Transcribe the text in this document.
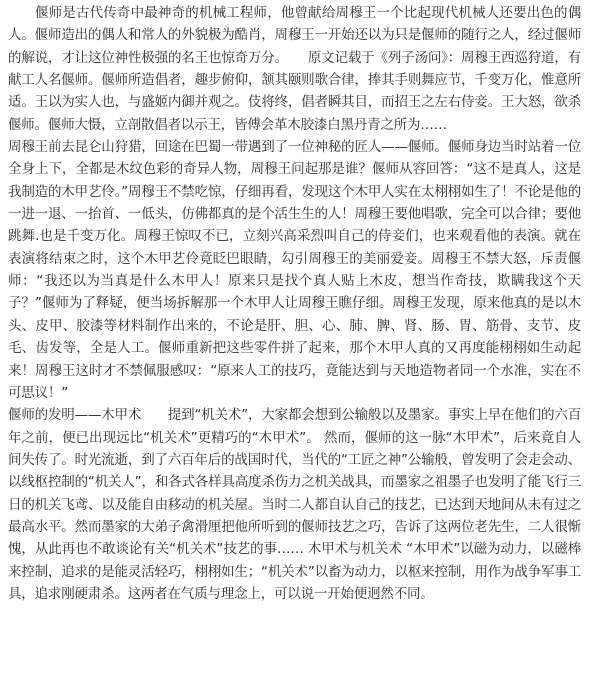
偃师是古代传奇中最神奇的机械工程师，他曾献给周穆王一个比起现代机械人还要出色的偶人。偃师造出的偶人和常人的外貌极为酷肖，周穆王一开始还以为只是偃师的随行之人，经过偃师的解说，才让这位神性极强的名王也惊奇万分。　　原文记载于《列子汤问》：周穆王西巡狩道，有献工人名偃师。偃师所造倡者，趣步俯仰，颔其颐则歌合律，捧其手则舞应节，千变万化，惟意所适。王以为实人也，与盛姬内御并观之。伎将终，倡者瞬其目，而招王之左右侍妾。王大怒，欲杀偃师。偃师大慑，立剖散倡者以示王，皆傅会革木胶漆白黑丹青之所为……

周穆王前去昆仑山狩猎，回途在巴蜀一带遇到了一位神秘的匠人——偃师。偃师身边当时站着一位全身上下，全都是木纹色彩的奇异人物，周穆王问起那是谁？偃师从容回答：“这不是真人，这是我制造的木甲艺伶。”周穆王不禁吃惊，仔细再看，发现这个木甲人实在太栩栩如生了！不论是他的一进一退、一抬首、一低头，仿佛都真的是个活生生的人！周穆王要他唱歌，完全可以合律；要他跳舞.也是千变万化。周穆王惊叹不已，立刻兴高采烈叫自己的侍妾们，也来观看他的表演。就在表演将结束之时，这个木甲艺伶竟眨巴眼睛，勾引周穆王的美丽爱妾。周穆王不禁大怒，斥责偃师：“我还以为当真是什么木甲人！原来只是找个真人贴上木皮，想当作奇技，欺瞒我这个天子？”偃师为了释疑，便当场拆解那一个木甲人让周穆王瞧仔细。周穆王发现，原来他真的是以木头、皮甲、胶漆等材料制作出来的，不论是肝、胆、心、肺、脾、肾、肠、胃、筋骨、支节、皮毛、齿发等，全是人工。偃师重新把这些零件拼了起来，那个木甲人真的又再度能栩栩如生动起来！周穆王这时才不禁佩服感叹：“原来人工的技巧，竟能达到与天地造物者同一个水准，实在不可思议！”

偃师的发明——木甲术　　提到“机关术”，大家都会想到公输般以及墨家。事实上早在他们的六百年之前，便已出现远比“机关术”更精巧的“木甲术”。 然而，偃师的这一脉“木甲术”，后来竟自人间失传了。时光流逝，到了六百年后的战国时代，当代的“工匠之神”公输般，曾发明了会走会动、以线枢控制的“机关人”，和各式各样具高度杀伤力之机关战具，而墨家之祖墨子也发明了能飞行三日的机关飞鸢、以及能自由移动的机关屋。当时二人都自认自己的技艺，已达到天地间从未有过之最高水平。然而墨家的大弟子禽滑厘把他所听到的偃师技艺之巧，告诉了这两位老先生，二人很惭愧，从此再也不敢谈论有关“机关术”技艺的事…… 木甲术与机关术 “木甲术”以磁为动力，以磁棒来控制，追求的是能灵活轻巧，栩栩如生；“机关术”以畜为动力，以枢来控制，用作为战争军事工具，追求刚硬肃杀。这两者在气质与理念上，可以说一开始便迥然不同。
